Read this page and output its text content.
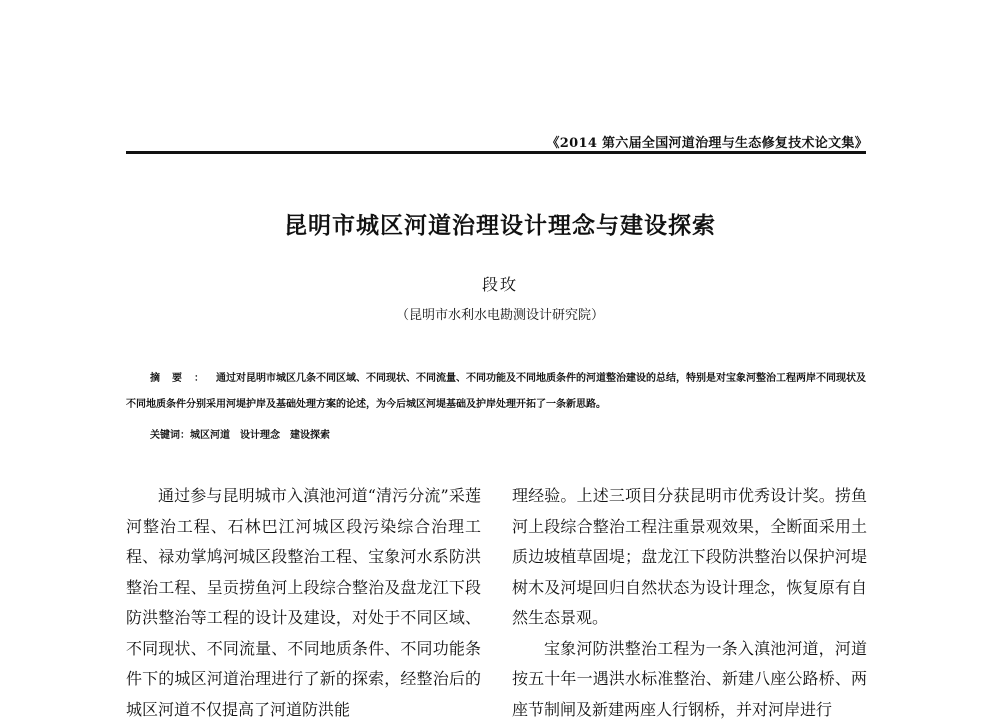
《2014 第六届全国河道治理与生态修复技术论文集》
昆明市城区河道治理设计理念与建设探索
段玫
（昆明市水利水电勘测设计研究院）
摘要：通过对昆明市城区几条不同区域、不同现状、不同流量、不同功能及不同地质条件的河道整治建设的总结，特别是对宝象河整治工程两岸不同现状及不同地质条件分别采用河堤护岸及基础处理方案的论述，为今后城区河堤基础及护岸处理开拓了一条新思路。
关键词：城区河道　设计理念　建设探索

通过参与昆明城市入滇池河道“清污分流”采莲河整治工程、石林巴江河城区段污染综合治理工程、禄劝掌鸠河城区段整治工程、宝象河水系防洪整治工程、呈贡捞鱼河上段综合整治及盘龙江下段防洪整治等工程的设计及建设，对处于不同区域、不同现状、不同流量、不同地质条件、不同功能条件下的城区河道治理进行了新的探索，经整治后的城区河道不仅提高了河道防洪能

理经验。上述三项目分获昆明市优秀设计奖。捞鱼河上段综合整治工程注重景观效果，全断面采用土质边坡植草固堤；盘龙江下段防洪整治以保护河堤树木及河堤回归自然状态为设计理念，恢复原有自然生态景观。

宝象河防洪整治工程为一条入滇池河道，河道按五十年一遇洪水标准整治、新建八座公路桥、两座节制闸及新建两座人行钢桥，并对河岸进行
